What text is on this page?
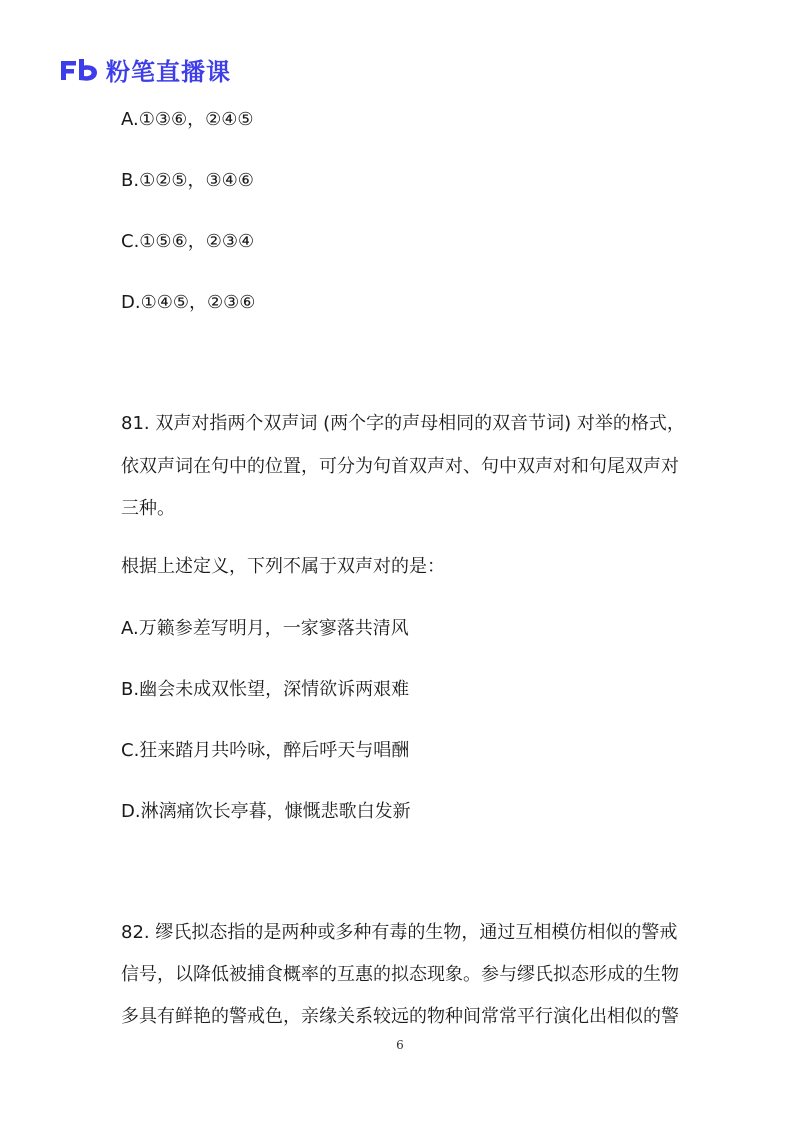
粉笔直播课
A.①③⑥，②④⑤
B.①②⑤，③④⑥
C.①⑤⑥，②③④
D.①④⑤，②③⑥
81. 双声对指两个双声词 (两个字的声母相同的双音节词) 对举的格式，
依双声词在句中的位置，可分为句首双声对、句中双声对和句尾双声对
三种。
根据上述定义，下列不属于双声对的是：
A.万籁参差写明月，一家寥落共清风
B.幽会未成双怅望，深情欲诉两艰难
C.狂来踏月共吟咏，醉后呼天与唱酬
D.淋漓痛饮长亭暮，慷慨悲歌白发新
82. 缪氏拟态指的是两种或多种有毒的生物，通过互相模仿相似的警戒
信号，以降低被捕食概率的互惠的拟态现象。参与缪氏拟态形成的生物
多具有鲜艳的警戒色，亲缘关系较远的物种间常常平行演化出相似的警
6
